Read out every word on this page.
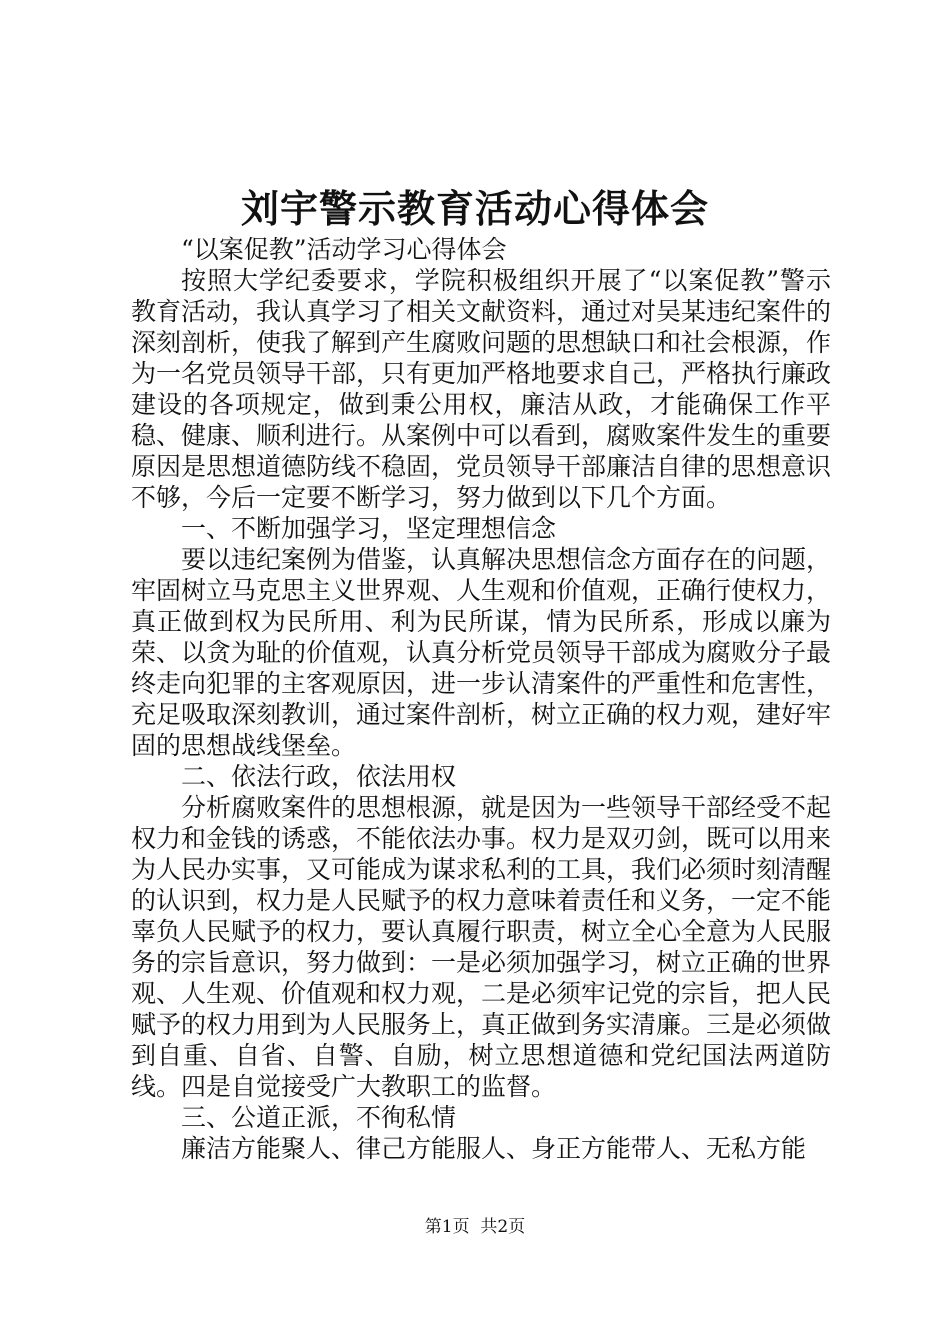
刘宇警示教育活动心得体会

“以案促教”活动学习心得体会

按照大学纪委要求，学院积极组织开展了“以案促教”警示教育活动，我认真学习了相关文献资料，通过对吴某违纪案件的深刻剖析，使我了解到产生腐败问题的思想缺口和社会根源，作为一名党员领导干部，只有更加严格地要求自己，严格执行廉政建设的各项规定，做到秉公用权，廉洁从政，才能确保工作平稳、健康、顺利进行。从案例中可以看到，腐败案件发生的重要原因是思想道德防线不稳固，党员领导干部廉洁自律的思想意识不够，今后一定要不断学习，努力做到以下几个方面。

一、不断加强学习，坚定理想信念

要以违纪案例为借鉴，认真解决思想信念方面存在的问题，牢固树立马克思主义世界观、人生观和价值观，正确行使权力，真正做到权为民所用、利为民所谋，情为民所系，形成以廉为荣、以贪为耻的价值观，认真分析党员领导干部成为腐败分子最终走向犯罪的主客观原因，进一步认清案件的严重性和危害性，充足吸取深刻教训，通过案件剖析，树立正确的权力观，建好牢固的思想战线堡垒。

二、依法行政，依法用权

分析腐败案件的思想根源，就是因为一些领导干部经受不起权力和金钱的诱惑，不能依法办事。权力是双刃剑，既可以用来为人民办实事，又可能成为谋求私利的工具，我们必须时刻清醒的认识到，权力是人民赋予的权力意味着责任和义务，一定不能辜负人民赋予的权力，要认真履行职责，树立全心全意为人民服务的宗旨意识，努力做到：一是必须加强学习，树立正确的世界观、人生观、价值观和权力观，二是必须牢记党的宗旨，把人民赋予的权力用到为人民服务上，真正做到务实清廉。三是必须做到自重、自省、自警、自励，树立思想道德和党纪国法两道防线。四是自觉接受广大教职工的监督。

三、公道正派，不徇私情

廉洁方能聚人、律己方能服人、身正方能带人、无私方能

第1页 共2页
